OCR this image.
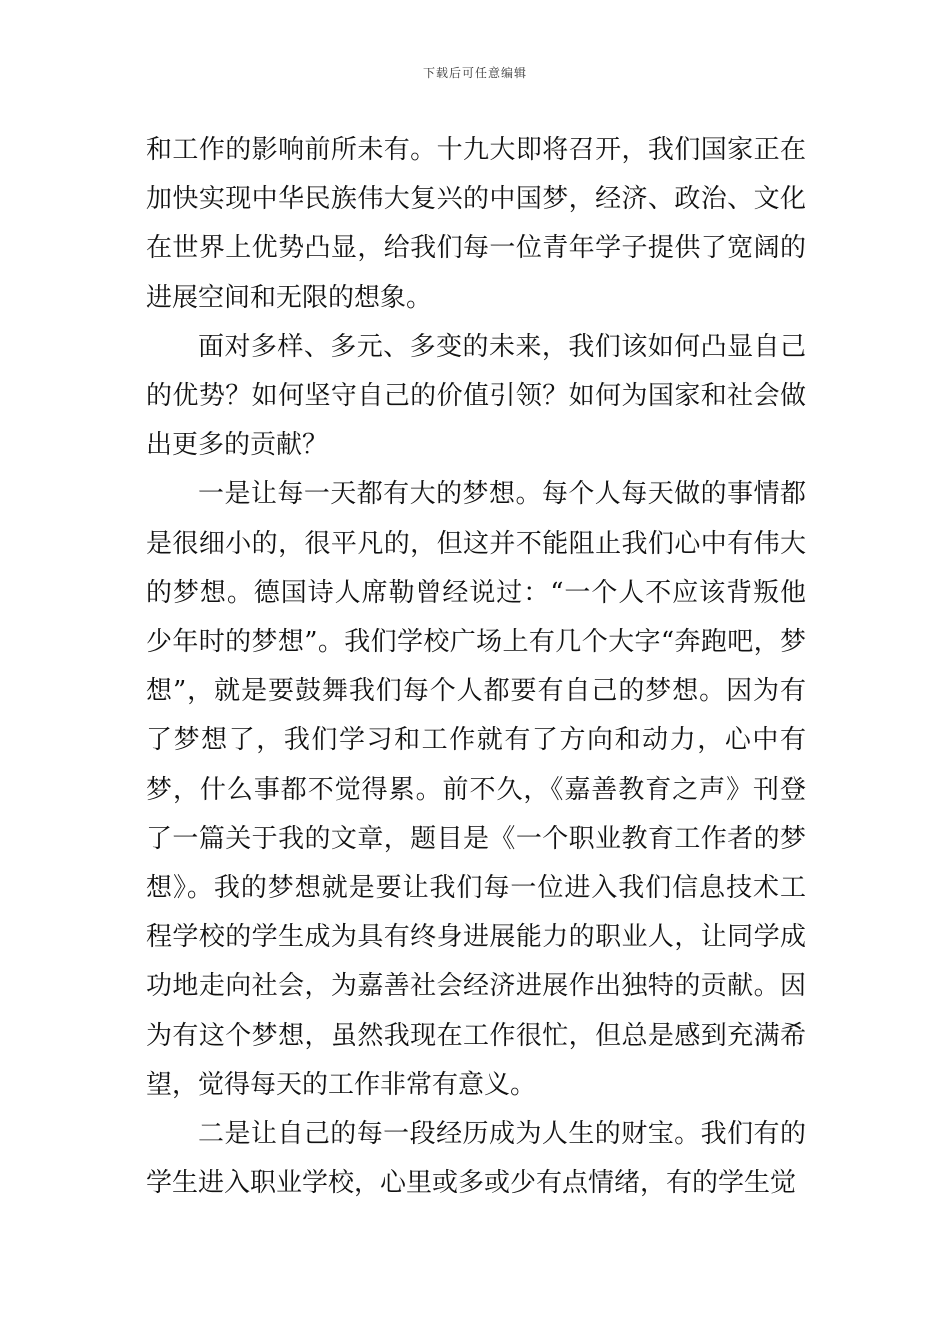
下载后可任意编辑

和工作的影响前所未有。十九大即将召开，我们国家正在加快实现中华民族伟大复兴的中国梦，经济、政治、文化在世界上优势凸显，给我们每一位青年学子提供了宽阔的进展空间和无限的想象。

面对多样、多元、多变的未来，我们该如何凸显自己的优势？如何坚守自己的价值引领？如何为国家和社会做出更多的贡献？

一是让每一天都有大的梦想。每个人每天做的事情都是很细小的，很平凡的，但这并不能阻止我们心中有伟大的梦想。德国诗人席勒曾经说过：“一个人不应该背叛他少年时的梦想”。我们学校广场上有几个大字“奔跑吧，梦想”，就是要鼓舞我们每个人都要有自己的梦想。因为有了梦想了，我们学习和工作就有了方向和动力，心中有梦，什么事都不觉得累。前不久，《嘉善教育之声》刊登了一篇关于我的文章，题目是《一个职业教育工作者的梦想》。我的梦想就是要让我们每一位进入我们信息技术工程学校的学生成为具有终身进展能力的职业人，让同学成功地走向社会，为嘉善社会经济进展作出独特的贡献。因为有这个梦想，虽然我现在工作很忙，但总是感到充满希望，觉得每天的工作非常有意义。

二是让自己的每一段经历成为人生的财宝。我们有的学生进入职业学校，心里或多或少有点情绪，有的学生觉
